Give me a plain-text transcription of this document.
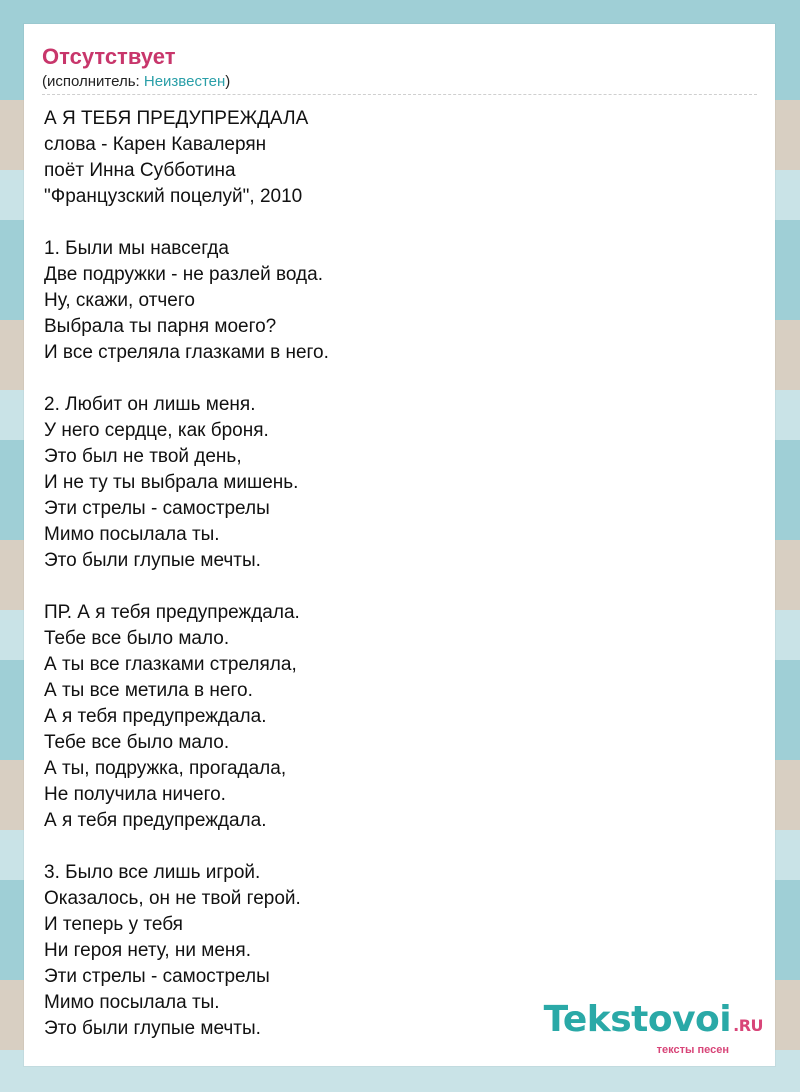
Отсутствует

(исполнитель: Неизвестен)

А Я ТЕБЯ ПРЕДУПРЕЖДАЛА
слова - Карен Кавалерян
поёт Инна Субботина
"Французский поцелуй", 2010
1. Были мы навсегда
Две подружки - не разлей вода.
Ну, скажи, отчего
Выбрала ты парня моего?
И все стреляла глазками в него.
2. Любит он лишь меня.
У него сердце, как броня.
Это был не твой день,
И не ту ты выбрала мишень.
Эти стрелы - самострелы
Мимо посылала ты.
Это были глупые мечты.
ПР. А я тебя предупреждала.
Тебе все было мало.
А ты все глазками стреляла,
А ты все метила в него.
А я тебя предупреждала.
Тебе все было мало.
А ты, подружка, прогадала,
Не получила ничего.
А я тебя предупреждала.
3. Было все лишь игрой.
Оказалось, он не твой герой.
И теперь у тебя
Ни героя нету, ни меня.
Эти стрелы - самострелы
Мимо посылала ты.
Это были глупые мечты.	Tekstovoi .RU
тексты песен
